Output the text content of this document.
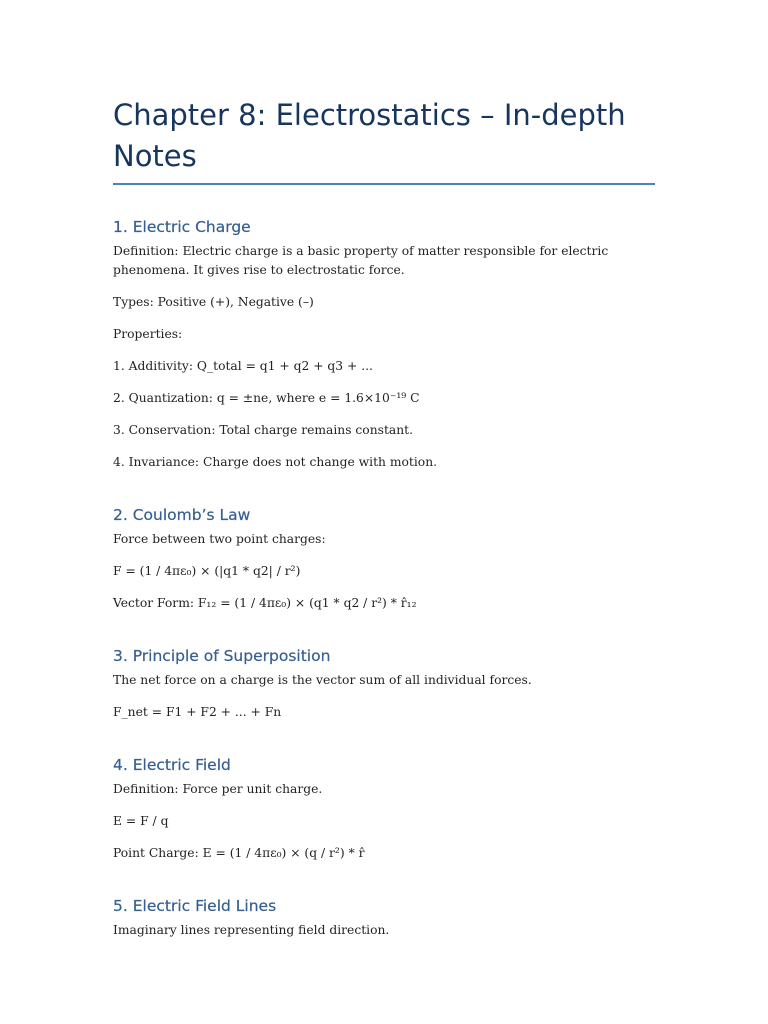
Chapter 8: Electrostatics – In-depth Notes
1. Electric Charge

Definition: Electric charge is a basic property of matter responsible for electric phenomena. It gives rise to electrostatic force.

Types: Positive (+), Negative (–)

Properties:

1. Additivity: Q_total = q1 + q2 + q3 + ...

2. Quantization: q = ±ne, where e = 1.6×10⁻¹⁹ C

3. Conservation: Total charge remains constant.

4. Invariance: Charge does not change with motion.

2. Coulomb’s Law

Force between two point charges:

F = (1 / 4πε₀) × (|q1 * q2| / r²)

Vector Form: F₁₂ = (1 / 4πε₀) × (q1 * q2 / r²) * r̂₁₂

3. Principle of Superposition

The net force on a charge is the vector sum of all individual forces.

F_net = F1 + F2 + ... + Fn

4. Electric Field

Definition: Force per unit charge.

E = F / q

Point Charge: E = (1 / 4πε₀) × (q / r²) * r̂

5. Electric Field Lines

Imaginary lines representing field direction.
